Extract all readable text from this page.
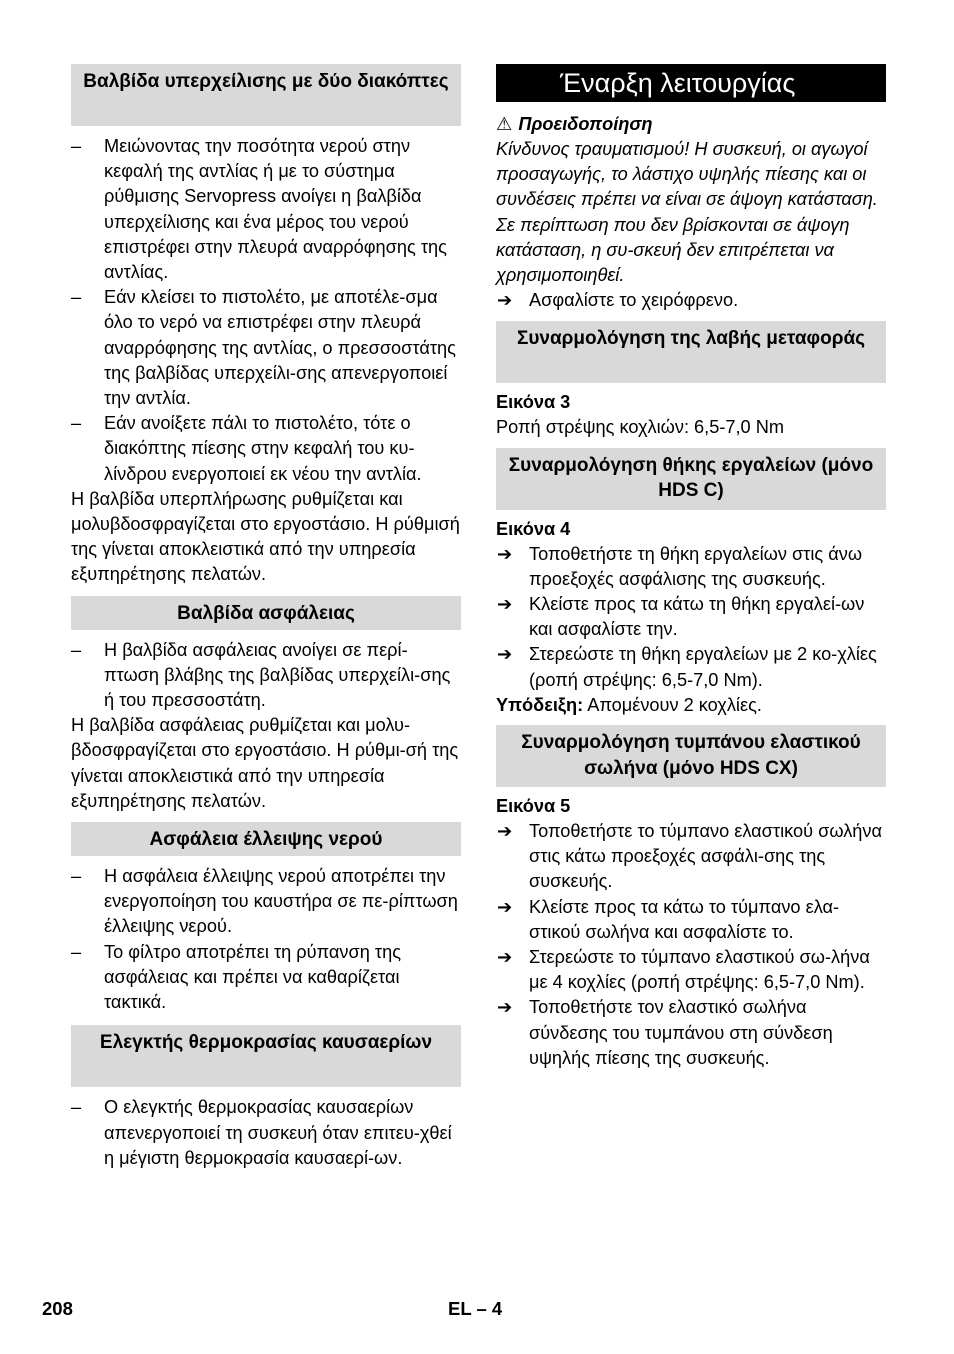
Βαλβίδα υπερχείλισης με δύο διακόπτες
– Μειώνοντας την ποσότητα νερού στην κεφαλή της αντλίας ή με το σύστημα ρύθμισης Servopress ανοίγει η βαλβίδα υπερχείλισης και ένα μέρος του νερού επιστρέφει στην πλευρά αναρρόφησης της αντλίας.
– Εάν κλείσει το πιστολέτο, με αποτέλε-σμα όλο το νερό να επιστρέφει στην πλευρά αναρρόφησης της αντλίας, ο πρεσσοστάτης της βαλβίδας υπερχείλι-σης απενεργοποιεί την αντλία.
– Εάν ανοίξετε πάλι το πιστολέτο, τότε ο διακόπτης πίεσης στην κεφαλή του κυ-λίνδρου ενεργοποιεί εκ νέου την αντλία.

Η βαλβίδα υπερπλήρωσης ρυθμίζεται και μολυβδοσφραγίζεται στο εργοστάσιο. Η ρύθμισή της γίνεται αποκλειστικά από την υπηρεσία εξυπηρέτησης πελατών.

Βαλβίδα ασφάλειας
– Η βαλβίδα ασφάλειας ανοίγει σε περί-πτωση βλάβης της βαλβίδας υπερχείλι-σης ή του πρεσσοστάτη.

Η βαλβίδα ασφάλειας ρυθμίζεται και μολυ-βδοσφραγίζεται στο εργοστάσιο. Η ρύθμι-σή της γίνεται αποκλειστικά από την υπηρεσία εξυπηρέτησης πελατών.

Ασφάλεια έλλειψης νερού
– Η ασφάλεια έλλειψης νερού αποτρέπει την ενεργοποίηση του καυστήρα σε πε-ρίπτωση έλλειψης νερού.
– Το φίλτρο αποτρέπει τη ρύπανση της ασφάλειας και πρέπει να καθαρίζεται τακτικά.
Ελεγκτής θερμοκρασίας καυσαερίων
– Ο ελεγκτής θερμοκρασίας καυσαερίων απενεργοποιεί τη συσκευή όταν επιτευ-χθεί η μέγιστη θερμοκρασία καυσαερί-ων.
Έναρξη λειτουργίας
⚠ Προειδοποίηση

Κίνδυνος τραυματισμού! Η συσκευή, οι αγωγοί προσαγωγής, το λάστιχο υψηλής πίεσης και οι συνδέσεις πρέπει να είναι σε άψογη κατάσταση. Σε περίπτωση που δεν βρίσκονται σε άψογη κατάσταση, η συ-σκευή δεν επιτρέπεται να χρησιμοποιηθεί.

➔ Ασφαλίστε το χειρόφρενο.
Συναρμολόγηση της λαβής μεταφοράς
Εικόνα 3

Ροπή στρέψης κοχλιών: 6,5-7,0 Nm

Συναρμολόγηση θήκης εργαλείων (μόνο HDS C)
Εικόνα 4
➔ Τοποθετήστε τη θήκη εργαλείων στις άνω προεξοχές ασφάλισης της συσκευής.
➔ Κλείστε προς τα κάτω τη θήκη εργαλεί-ων και ασφαλίστε την.
➔ Στερεώστε τη θήκη εργαλείων με 2 κο-χλίες (ροπή στρέψης: 6,5-7,0 Nm).

Υπόδειξη: Απομένουν 2 κοχλίες.

Συναρμολόγηση τυμπάνου ελαστικού σωλήνα (μόνο HDS CX)
Εικόνα 5
➔ Τοποθετήστε το τύμπανο ελαστικού σωλήνα στις κάτω προεξοχές ασφάλι-σης της συσκευής.
➔ Κλείστε προς τα κάτω το τύμπανο ελα-στικού σωλήνα και ασφαλίστε το.
➔ Στερεώστε το τύμπανο ελαστικού σω-λήνα με 4 κοχλίες (ροπή στρέψης: 6,5-7,0 Nm).
➔ Τοποθετήστε τον ελαστικό σωλήνα σύνδεσης του τυμπάνου στη σύνδεση υψηλής πίεσης της συσκευής.
208	EL – 4
